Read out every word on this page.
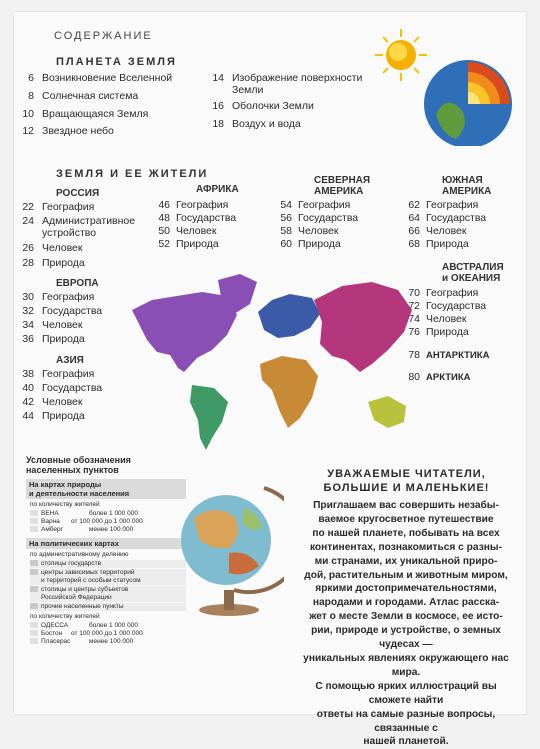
СОДЕРЖАНИЕ
ПЛАНЕТА ЗЕМЛЯ
6 Возникновение Вселенной
8 Солнечная система
10 Вращающаяся Земля
12 Звездное небо
14 Изображение поверхности
Земли
16 Оболочки Земли
18 Воздух и вода
ЗЕМЛЯ И ЕЕ ЖИТЕЛИ
РОССИЯ
22 География
24 Административное
устройство
26 Человек
28 Природа
ЕВРОПА
30 География
32 Государства
34 Человек
36 Природа
АЗИЯ
38 География
40 Государства
42 Человек
44 Природа
АФРИКА
46 География
48 Государства
50 Человек
52 Природа
СЕВЕРНАЯ
АМЕРИКА
54 География
56 Государства
58 Человек
60 Природа
ЮЖНАЯ
АМЕРИКА
62 География
64 Государства
66 Человек
68 Природа
АВСТРАЛИЯ
и ОКЕАНИЯ
70 География
72 Государства
74 Человек
76 Природа
78 АНТАРКТИКА
80 АРКТИКА
Условные обозначения
населенных пунктов
На картах природы
и деятельности населения
по количеству жителей
ВЕНА	более 1 000 000
Варна от 100 000 до 1 000 000
Амберг	менее 100 000
На политических картах
по административному делению
столицы государств
центры зависимых территорий
и территорий с особым статусом
столицы и центры субъектов
Российской Федерации
прочие населенные пункты
по количеству жителей
ОДЕССА	более 1 000 000
Бостон от 100 000 до 1 000 000
Пласерас	менее 100 000
УВАЖАЕМЫЕ ЧИТАТЕЛИ,
БОЛЬШИЕ И МАЛЕНЬКИЕ!
Приглашаем вас совершить незабы-
ваемое кругосветное путешествие
по нашей планете, побывать на всех
континентах, познакомиться с разны-
ми странами, их уникальной приро-
дой, растительным и животным миром,
яркими достопримечательностями,
народами и городами. Атлас расска-
жет о месте Земли в космосе, ее исто-
рии, природе и устройстве, о земных чудесах —
уникальных явлениях окружающего нас мира.
С помощью ярких иллюстраций вы сможете найти
ответы на самые разные вопросы, связанные с
нашей планетой.
